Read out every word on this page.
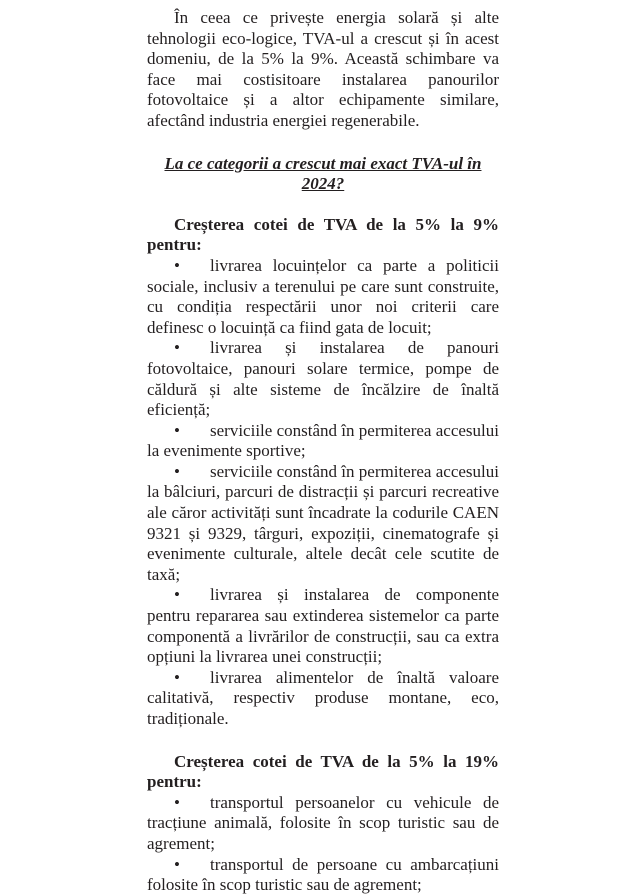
În ceea ce privește energia solară și alte tehnologii eco-logice, TVA-ul a crescut și în acest domeniu, de la 5% la 9%. Această schimbare va face mai costisitoare instalarea panourilor fotovoltaice și a altor echipamente similare, afectând industria energiei regenerabile.

La ce categorii a crescut mai exact TVA-ul în 2024?

Creșterea cotei de TVA de la 5% la 9% pentru:

• livrarea locuințelor ca parte a politicii sociale, inclusiv a terenului pe care sunt construite, cu condiția respectării unor noi criterii care definesc o locuință ca fiind gata de locuit;

• livrarea și instalarea de panouri fotovoltaice, panouri solare termice, pompe de căldură și alte sisteme de încălzire de înaltă eficiență;

• serviciile constând în permiterea accesului la evenimente sportive;

• serviciile constând în permiterea accesului la bâlciuri, parcuri de distracții și parcuri recreative ale căror activități sunt încadrate la codurile CAEN 9321 și 9329, târguri, expoziții, cinematografe și evenimente culturale, altele decât cele scutite de taxă;

• livrarea și instalarea de componente pentru repararea sau extinderea sistemelor ca parte componentă a livrărilor de construcții, sau ca extra opțiuni la livrarea unei construcții;

• livrarea alimentelor de înaltă valoare calitativă, respectiv produse montane, eco, tradiționale.

Creșterea cotei de TVA de la 5% la 19% pentru:

• transportul persoanelor cu vehicule de tracțiune animală, folosite în scop turistic sau de agrement;

• transportul de persoane cu ambarcațiuni folosite în scop turistic sau de agrement;
